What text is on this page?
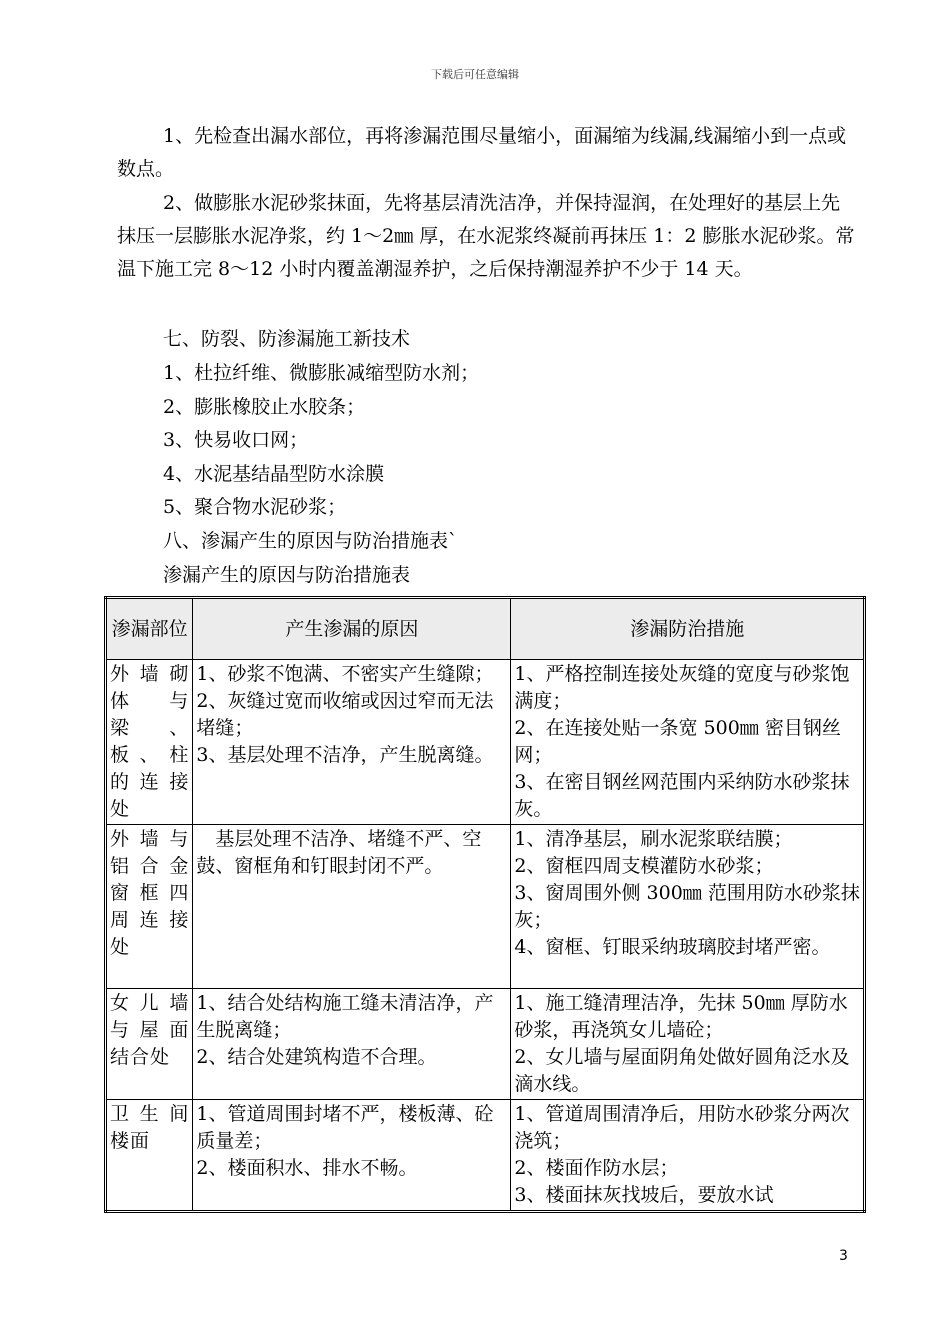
下载后可任意编辑

1、先检查出漏水部位，再将渗漏范围尽量缩小，面漏缩为线漏,线漏缩小到一点或数点。

2、做膨胀水泥砂浆抹面，先将基层清洗洁净，并保持湿润，在处理好的基层上先抹压一层膨胀水泥净浆，约 1～2㎜ 厚，在水泥浆终凝前再抹压 1：2 膨胀水泥砂浆。常温下施工完 8～12 小时内覆盖潮湿养护，之后保持潮湿养护不少于 14 天。

七、防裂、防渗漏施工新技术

1、杜拉纤维、微膨胀减缩型防水剂；

2、膨胀橡胶止水胶条；

3、快易收口网；

4、水泥基结晶型防水涂膜

5、聚合物水泥砂浆；

八、渗漏产生的原因与防治措施表`

渗漏产生的原因与防治措施表

渗漏部位	产生渗漏的原因	渗漏防治措施
外墙砌体与梁、板、柱的连接处	1、砂浆不饱满、不密实产生缝隙；
2、灰缝过宽而收缩或因过窄而无法堵缝；
3、基层处理不洁净，产生脱离缝。	1、严格控制连接处灰缝的宽度与砂浆饱满度；
2、在连接处贴一条宽 500㎜ 密目钢丝网；
3、在密目钢丝网范围内采纳防水砂浆抹灰。
外墙与铝合金窗框四周连接处	　基层处理不洁净、堵缝不严、空鼓、窗框角和钉眼封闭不严。	1、清净基层，刷水泥浆联结膜；
2、窗框四周支模灌防水砂浆；
3、窗周围外侧 300㎜ 范围用防水砂浆抹灰；
4、窗框、钉眼采纳玻璃胶封堵严密。
女儿墙与屋面结合处	1、结合处结构施工缝未清洁净，产生脱离缝；
2、结合处建筑构造不合理。	1、施工缝清理洁净，先抹 50㎜ 厚防水砂浆，再浇筑女儿墙砼；
2、女儿墙与屋面阴角处做好圆角泛水及滴水线。
卫生间楼面	1、管道周围封堵不严，楼板薄、砼质量差；
2、楼面积水、排水不畅。	1、管道周围清净后，用防水砂浆分两次浇筑；
2、楼面作防水层；
3、楼面抹灰找坡后，要放水试
3
